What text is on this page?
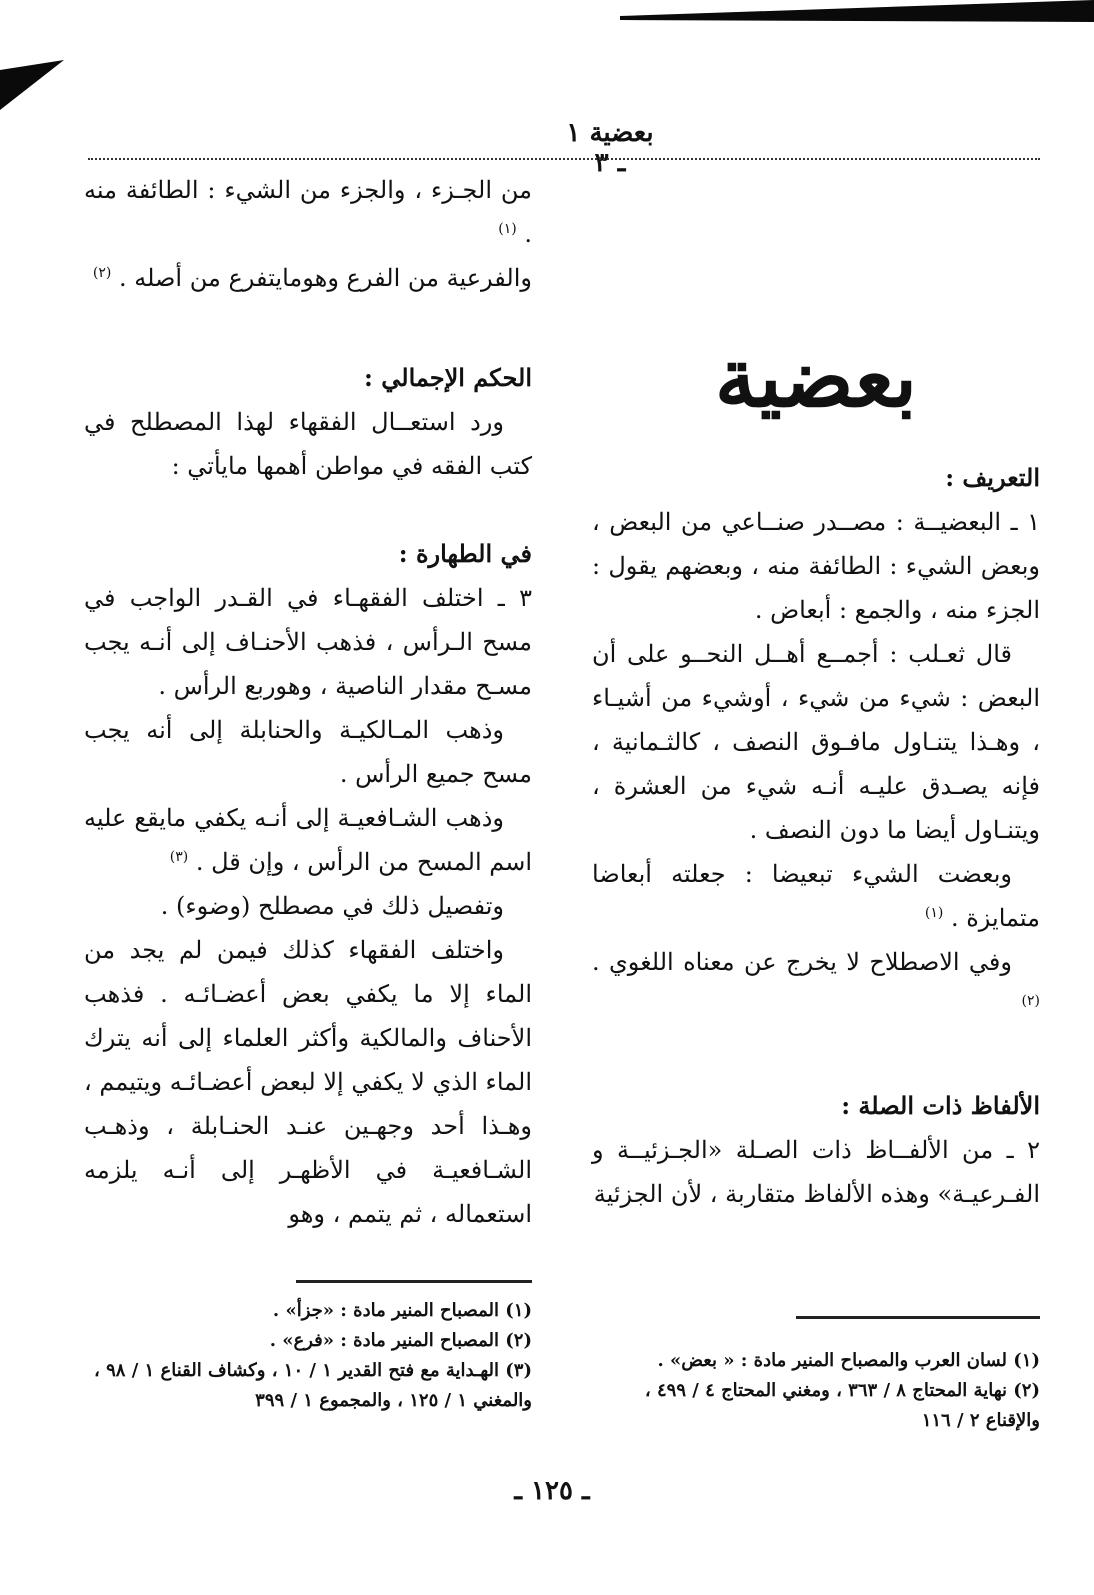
بعضية ١ ـ ٣
بعضية

التعريف :

١ ـ البعضيــة : مصــدر صنــاعي من البعض ، وبعض الشيء : الطائفة منه ، وبعضهم يقول : الجزء منه ، والجمع : أبعاض .

قال ثعـلب : أجمــع أهــل النحــو على أن البعض : شيء من شيء ، أوشيء من أشيـاء ، وهـذا يتنـاول مافـوق النصف ، كالثـمانية ، فإنه يصـدق عليـه أنـه شيء من العشرة ، ويتنـاول أيضا ما دون النصف .

وبعضت الشيء تبعيضا : جعلته أبعاضا متمايزة . $^{(١)}$

وفي الاصطلاح لا يخرج عن معناه اللغوي . $^{(٢)}$

الألفاظ ذات الصلة :

٢ ـ من الألفــاظ ذات الصـلة «الجـزئيــة و الفـرعيـة» وهذه الألفاظ متقاربة ، لأن الجزئية

من الجـزء ، والجزء من الشيء : الطائفة منه . $^{(١)}$

والفرعية من الفرع وهومايتفرع من أصله . $^{(٢)}$

الحكم الإجمالي :

ورد استعــال الفقهاء لهذا المصطلح في كتب الفقه في مواطن أهمها مايأتي :

في الطهارة :

٣ ـ اختلف الفقهـاء في القـدر الواجب في مسح الـرأس ، فذهب الأحنـاف إلى أنـه يجب مسـح مقدار الناصية ، وهوربع الرأس .

وذهب المـالكيـة والحنابلة إلى أنه يجب مسح جميع الرأس .

وذهب الشـافعيـة إلى أنـه يكفي مايقع عليه اسم المسح من الرأس ، وإن قل . $^{(٣)}$

وتفصيل ذلك في مصطلح (وضوء) .

واختلف الفقهاء كذلك فيمن لم يجد من الماء إلا ما يكفي بعض أعضـائـه . فذهب الأحناف والمالكية وأكثر العلماء إلى أنه يترك الماء الذي لا يكفي إلا لبعض أعضـائـه ويتيمم ، وهـذا أحد وجهـين عنـد الحنـابلة ، وذهـب الشـافعيـة في الأظهـر إلى أنـه يلزمه استعماله ، ثم يتمم ، وهو

(١) المصباح المنير مادة : «جزأ» .

(٢) المصباح المنير مادة : «فرع» .

(٣) الهـداية مع فتح القدير ١ / ١٠ ، وكشاف القناع ١ / ٩٨ ، والمغني ١ / ١٢٥ ، والمجموع ١ / ٣٩٩

(١) لسان العرب والمصباح المنير مادة : « بعض» .

(٢) نهاية المحتاج ٨ / ٣٦٣ ، ومغني المحتاج ٤ / ٤٩٩ ، والإقناع ٢ / ١١٦

ـ ١٢٥ ـ
